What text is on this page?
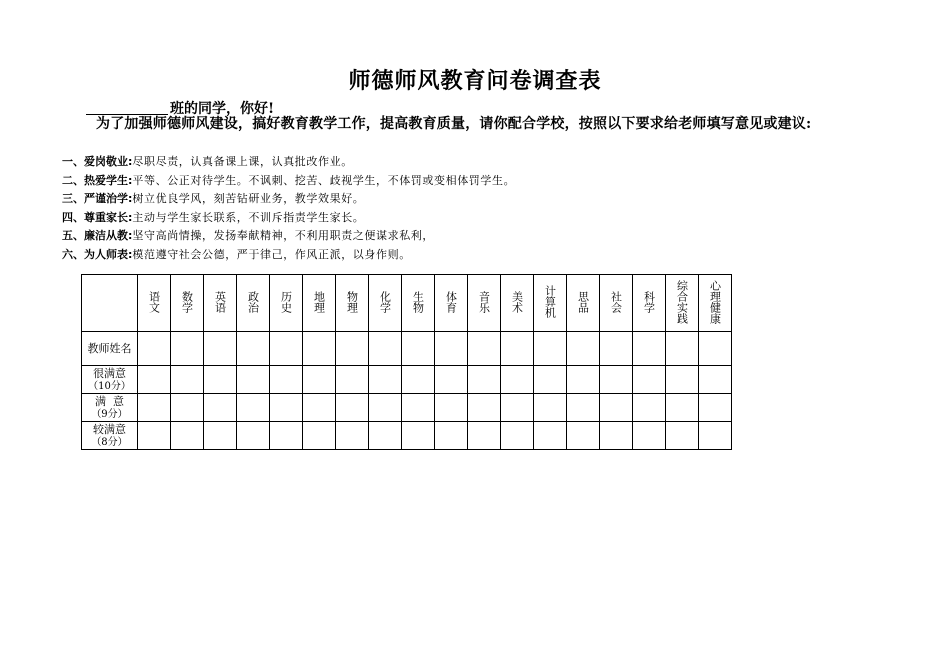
师德师风教育问卷调查表
班的同学，你好!
为了加强师德师风建设，搞好教育教学工作，提高教育质量，请你配合学校，按照以下要求给老师填写意见或建议:
一、爱岗敬业:尽职尽责，认真备课上课，认真批改作业。
二、热爱学生:平等、公正对待学生。不讽刺、挖苦、歧视学生，不体罚或变相体罚学生。
三、严谨治学:树立优良学风，刻苦钻研业务，教学效果好。
四、尊重家长:主动与学生家长联系，不训斥指责学生家长。
五、廉洁从教:坚守高尚情操，发扬奉献精神，不利用职责之便谋求私利，
六、为人师表:模范遵守社会公德，严于律己，作风正派，以身作则。
	语文	数学	英语	政治	历史	地理	物理	化学	生物	体育	音乐	美术	计算机	思品	社会	科学	综合实践	心理健康
教师姓名

很满意
（10分）																		

满  意
（9分）																		

较满意
（8分）																		
